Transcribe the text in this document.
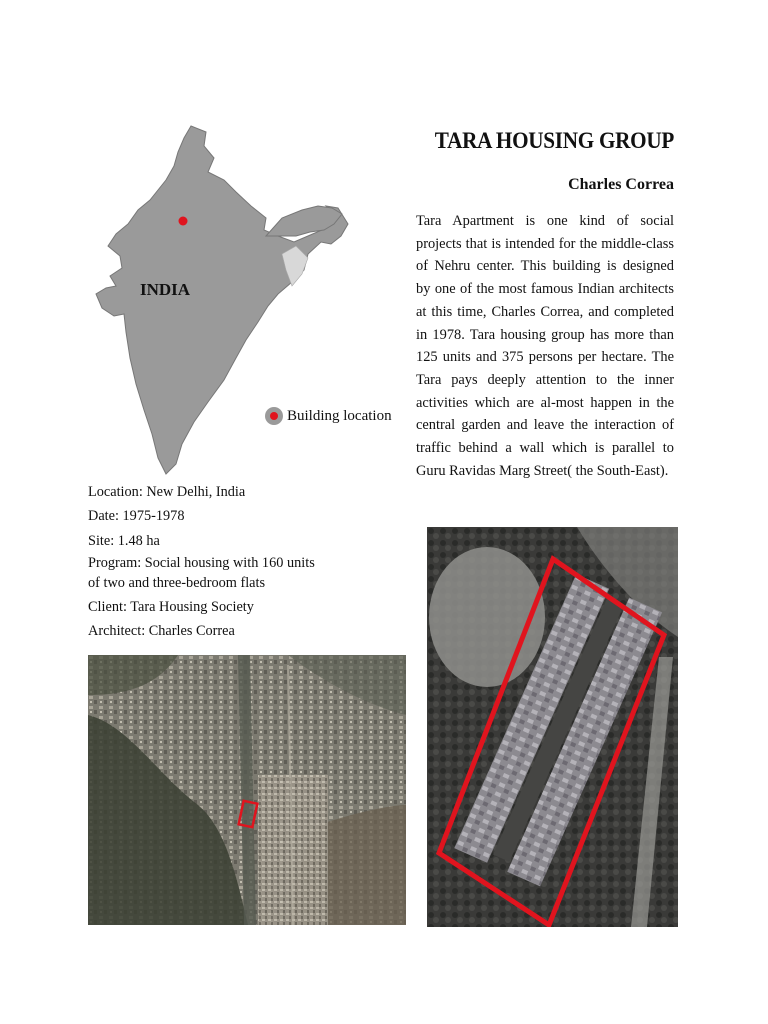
INDIA
Building location
TARA HOUSING GROUP
Charles Correa
Tara Apartment is one kind of social projects that is intended for the middle-class of Nehru center. This building is designed by one of the most famous Indian architects at this time, Charles Correa, and completed in 1978. Tara housing group has more than 125 units and 375 persons per hectare. The Tara pays deeply attention to the inner activities which are al-most happen in the central garden and leave the interaction of traffic behind a wall which is parallel to Guru Ravidas Marg Street( the South-East).
Location: New Delhi, India
Date: 1975-1978
Site: 1.48 ha
Program: Social housing with 160 units of two and three-bedroom flats
Client: Tara Housing Society
Architect: Charles Correa
